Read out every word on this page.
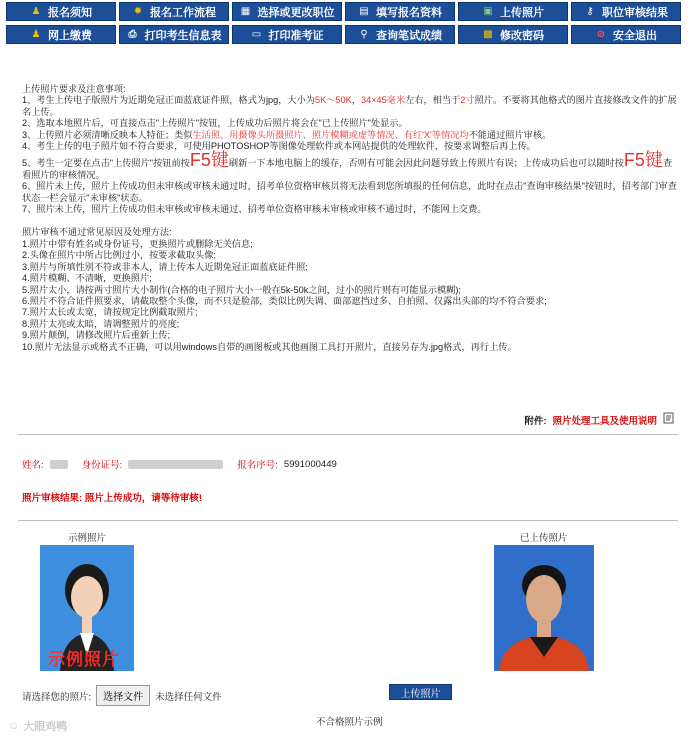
♟ 报名须知	✹ 报名工作流程 ▦ 选择或更改职位 ▤ 填写报名资料	▣ 上传照片	⚷ 职位审核结果
♟ 网上缴费	⎙ 打印考生信息表	▭ 打印准考证	⚲ 查询笔试成绩	▩ 修改密码	⊘ 安全退出

上传照片要求及注意事项:

1、考生上传电子版照片为近期免冠正面蓝底证件照，格式为jpg，大小为5K～50K，34×45毫米左右，相当于2寸照片。不要将其他格式的图片直接修改文件的扩展名上传。

2、选取本地照片后，可直接点击"上传照片"按钮，上传成功后照片将会在"已上传照片"处显示。

3、上传照片必须清晰反映本人特征；类似生活照、用摄像头所摄照片、照片模糊或虚等情况、有红'X'等情况均不能通过照片审核。

4、考生上传的电子照片如不符合要求，可使用PHOTOSHOP等图像处理软件或本网站提供的处理软件，按要求调整后再上传。

5、考生一定要在点击"上传照片"按钮前按F5键刷新一下本地电脑上的缓存，否则有可能会因此问题导致上传照片有误；上传成功后也可以随时按F5键查看照片的审核情况。

6、照片未上传，照片上传成功但未审核或审核未通过时，招考单位资格审核员将无法看到您所填报的任何信息，此时在点击"查询审核结果"按钮时，招考部门审查状态一栏会显示"未审核"状态。

7、照片未上传，照片上传成功但未审核或审核未通过、招考单位资格审核未审核或审核不通过时，不能网上交费。

照片审核不通过常见原因及处理方法:

1.照片中带有姓名或身份证号，更换照片或删除无关信息;

2.头像在照片中所占比例过小，按要求截取头像;

3.照片与所填性别不符或非本人，请上传本人近期免冠正面蓝底证件照;

4.照片模糊、不清晰，更换照片;

5.照片太小，请按两寸照片大小制作(合格的电子照片大小一般在5k-50k之间，过小的照片则有可能显示模糊);

6.照片不符合证件照要求，请截取整个头像，而不只是脸部，类似比例失调、面部遮挡过多、自拍照、仅露出头部的均不符合要求;

7.照片太长或太宽，请按规定比例截取照片;

8.照片太亮或太暗，请调整照片的亮度;

9.照片颠倒，请修改照片后重新上传;

10.照片无法显示或格式不正确，可以用windows自带的画图板或其他画图工具打开照片，直接另存为.jpg格式，再行上传。

附件: 照片处理工具及使用说明
姓名:	身份证号:	报名序号: 5991000449
照片审核结果: 照片上传成功，请等待审核!
示例照片	已上传照片
示例照片
请选择您的照片:	选择文件	未选择任何文件	上传照片
不合格照片示例
☺ 大眼鸡鸭
